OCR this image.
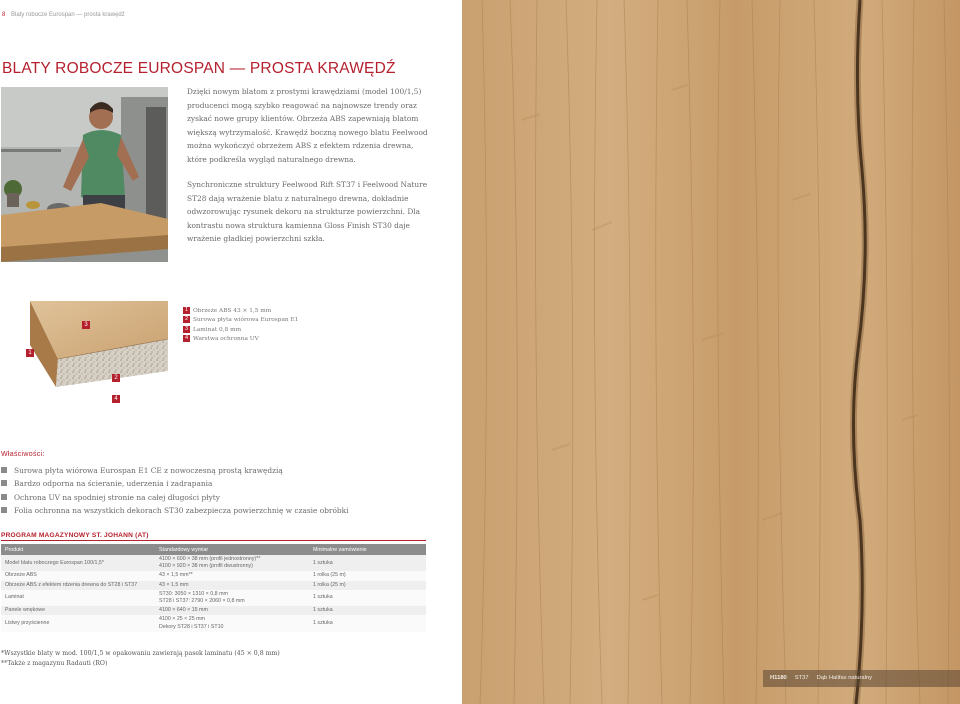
8 Blaty robocze Eurospan — prosta krawędź
BLATY ROBOCZE EUROSPAN — PROSTA KRAWĘDŹ
Dzięki nowym blatom z prostymi krawędziami (model 100/1,5) producenci mogą szybko reagować na najnowsze trendy oraz zyskać nowe grupy klientów. Obrzeża ABS zapewniają blatom większą wytrzymałość. Krawędź boczną nowego blatu Feelwood można wykończyć obrzeżem ABS z efektem rdzenia drewna, które podkreśla wygląd naturalnego drewna.
Synchroniczne struktury Feelwood Rift ST37 i Feelwood Nature ST28 dają wrażenie blatu z naturalnego drewna, dokładnie odwzorowując rysunek dekoru na strukturze powierzchni. Dla kontrastu nowa struktura kamienna Gloss Finish ST30 daje wrażenie gładkiej powierzchni szkła.
3
1
2
4
1 Obrzeże ABS 43 × 1,5 mm
2 Surowa płyta wiórowa Eurospan E1
3 Laminat 0,8 mm
4 Warstwa ochronna UV
Właściwości:
Surowa płyta wiórowa Eurospan E1 CE z nowoczesną prostą krawędzią
Bardzo odporna na ścieranie, uderzenia i zadrapania
Ochrona UV na spodniej stronie na całej długości płyty
Folia ochronna na wszystkich dekorach ST30 zabezpiecza powierzchnię w czasie obróbki
PROGRAM MAGAZYNOWY ST. JOHANN (AT)
Produkt	Standardowy wymiar	Minimalne zamówienie
Model blatu roboczego Eurospan 100/1,5*	4100 × 600 × 38 mm (profil jednostronny)**
4100 × 920 × 38 mm (profil dwustronny)	1 sztuka
Obrzeże ABS	43 × 1,5 mm**	1 rolka (25 m)
Obrzeże ABS z efektem rdzenia drewna do ST28 i ST37	43 × 1,5 mm	1 rolka (25 m)
Laminat	ST30: 3050 × 1310 × 0,8 mm
ST28 i ST37: 2790 × 2060 × 0,8 mm	1 sztuka
Panele wnękowe	4100 × 640 × 15 mm	1 sztuka
Listwy przyścienne	4100 × 25 × 25 mm
Dekory ST28 i ST37 i ST10	1 sztuka
*Wszystkie blaty w mod. 100/1,5 w opakowaniu zawierają pasek laminatu (45 × 0,8 mm)
**Także z magazynu Radauti (RO)
H1180 ST37 Dąb Halifax naturalny
